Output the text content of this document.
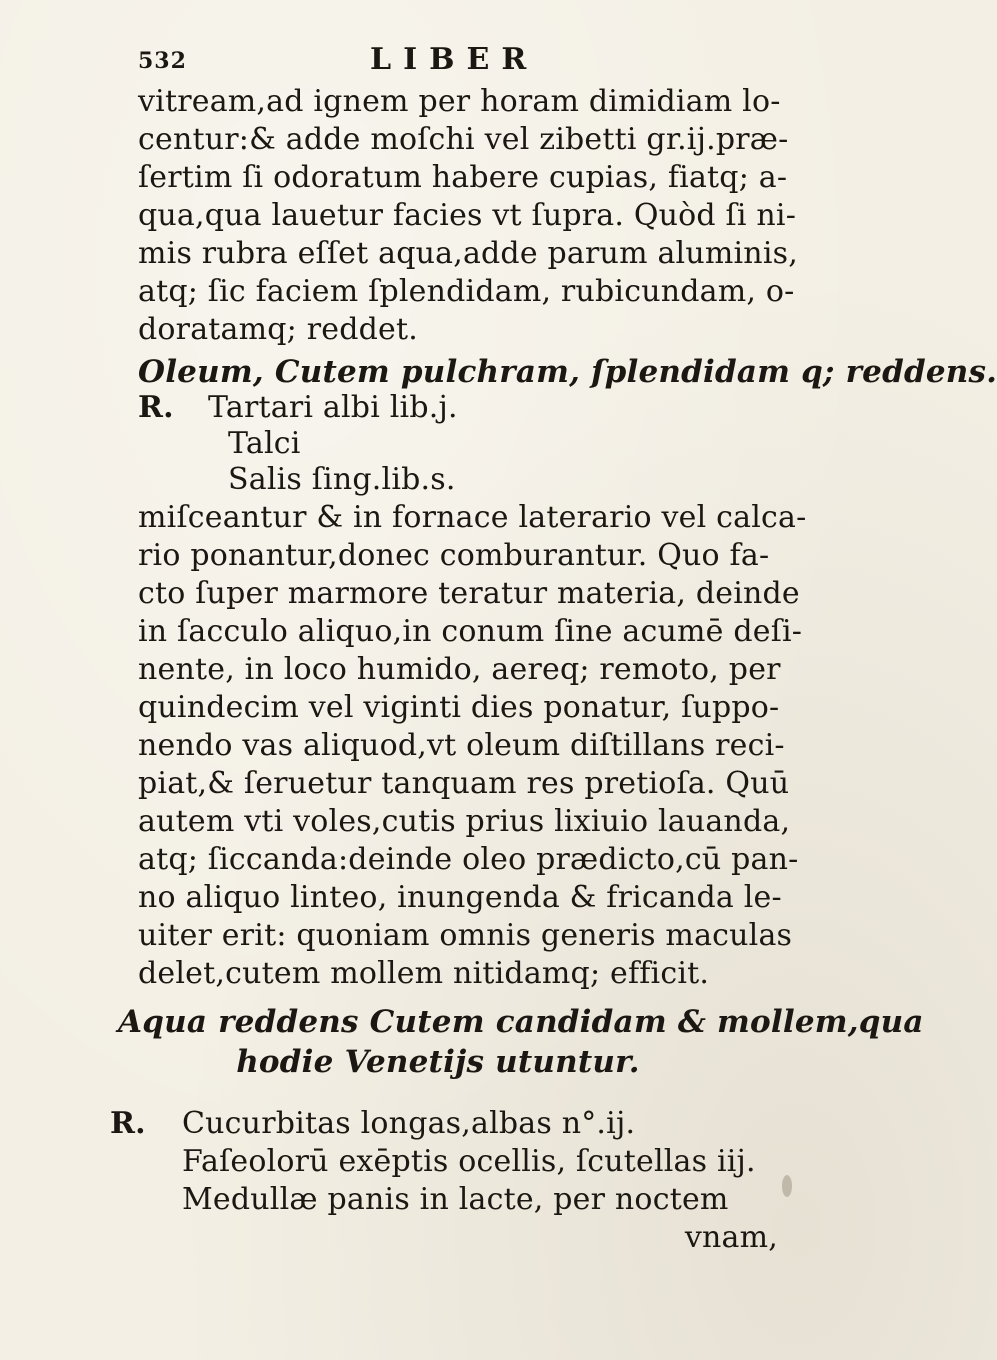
532	LIBER
vitream,ad ignem per horam dimidiam lo-
centur:& adde moſchi vel zibetti gr.ij.præ-
ſertim ſi odoratum habere cupias, fiatq; a-
qua,qua lauetur facies vt ſupra. Quòd ſi ni-
mis rubra eſſet aqua,adde parum aluminis,
atq; ſic faciem ſplendidam, rubicundam, o-
doratamq; reddet.
Oleum, Cutem pulchram, ſplendidam q; reddens.
R. Tartari albi lib.j.
Talci
Salis ſing.lib.s.
miſceantur & in fornace laterario vel calca-
rio ponantur,donec comburantur. Quo fa-
cto ſuper marmore teratur materia, deinde
in ſacculo aliquo,in conum ſine acumē deſi-
nente, in loco humido, aereq; remoto, per
quindecim vel viginti dies ponatur, ſuppo-
nendo vas aliquod,vt oleum diſtillans reci-
piat,& ſeruetur tanquam res pretioſa. Quū
autem vti voles,cutis prius lixiuio lauanda,
atq; ſiccanda:deinde oleo prædicto,cū pan-
no aliquo linteo, inungenda & fricanda le-
uiter erit: quoniam omnis generis maculas
delet,cutem mollem nitidamq; efficit.
Aqua reddens Cutem candidam & mollem,qua
hodie Venetijs utuntur.
R. Cucurbitas longas,albas n°.ij.
Faſeolorū exēptis ocellis, ſcutellas iij.
Medullæ panis in lacte, per noctem
vnam,
